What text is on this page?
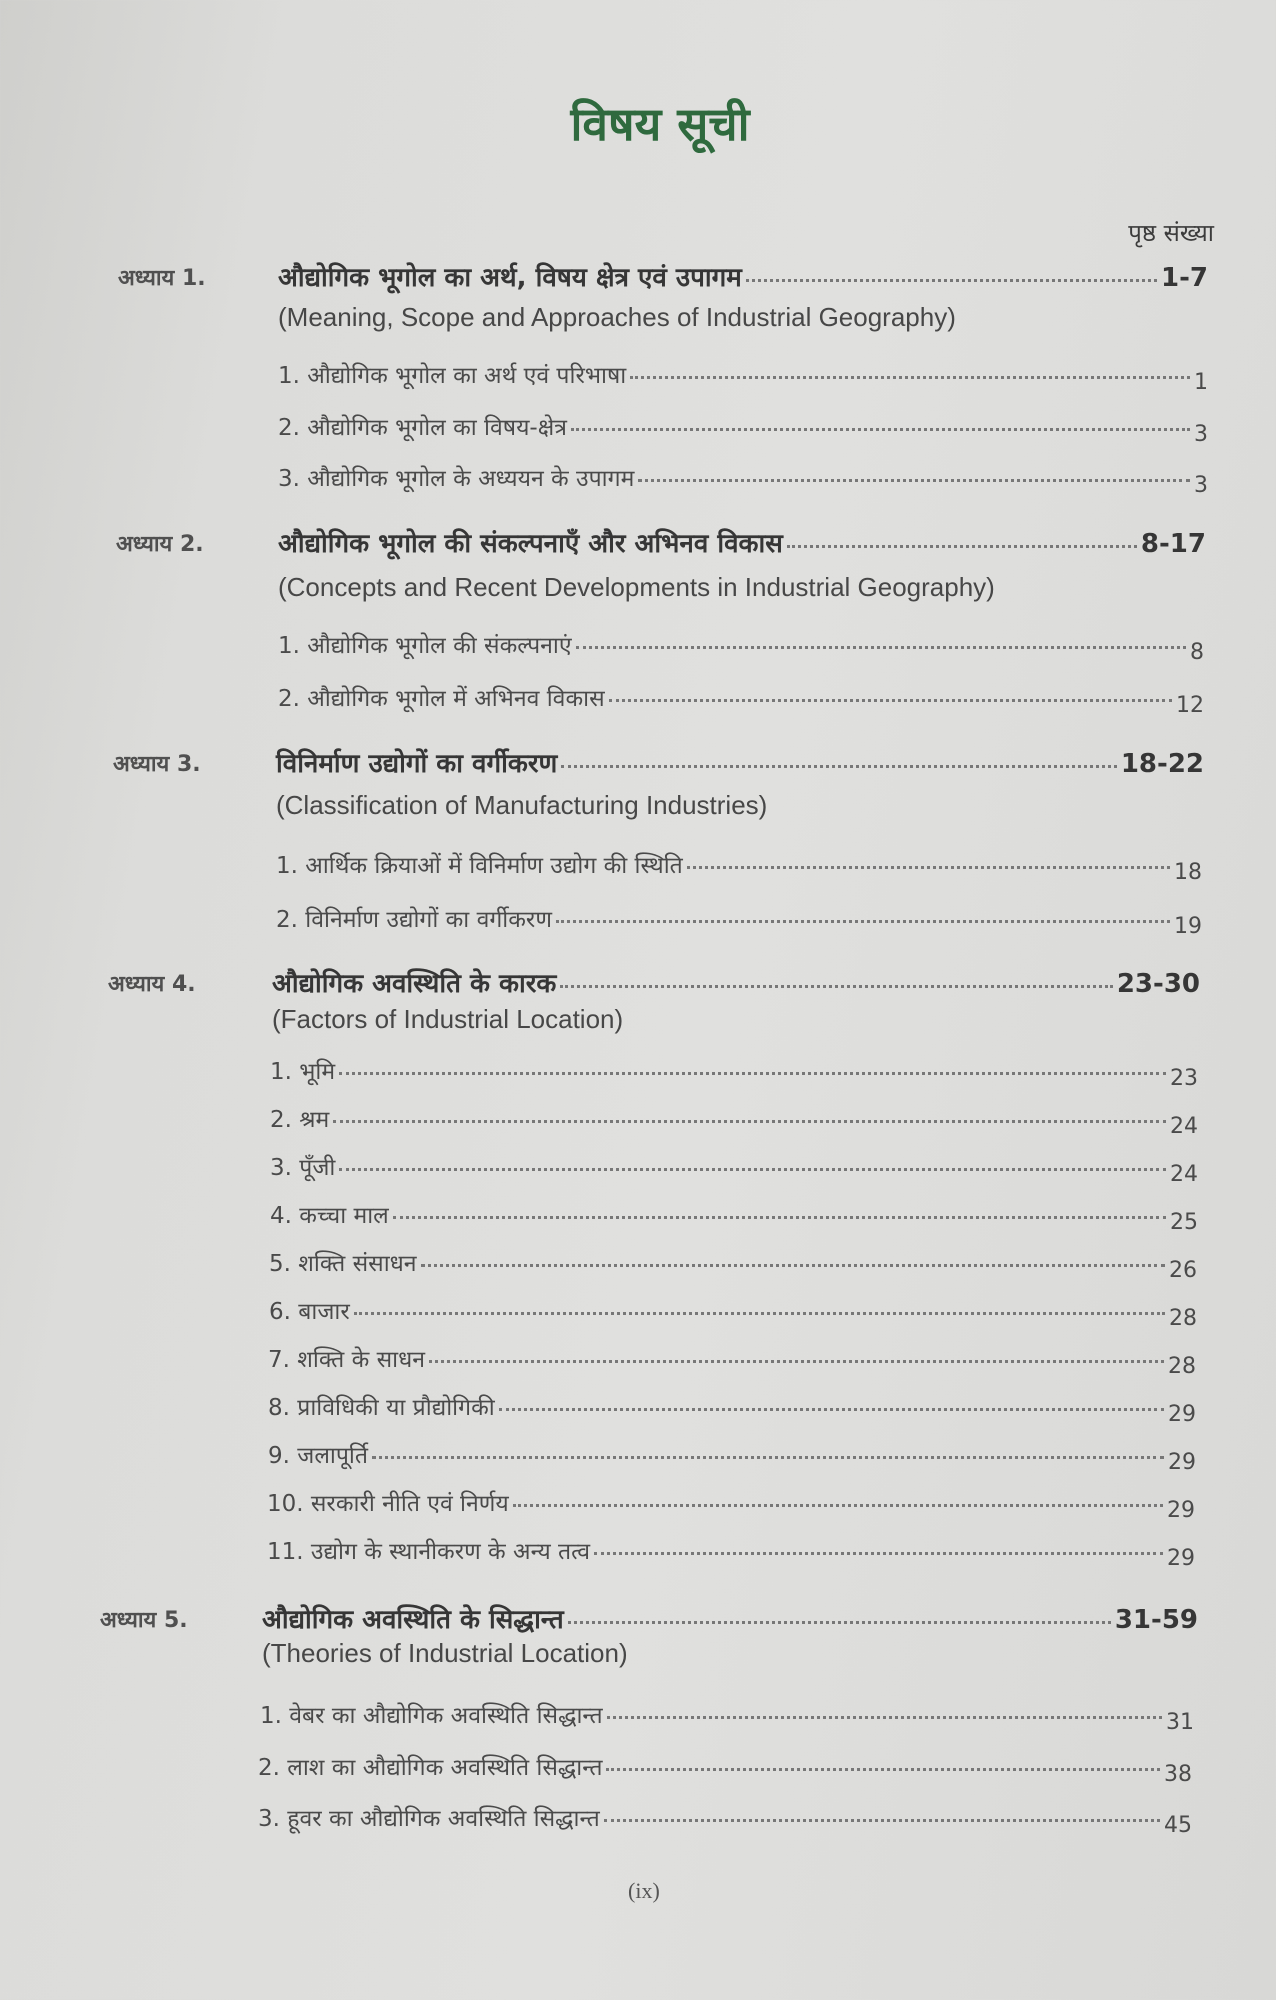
विषय सूची
पृष्ठ संख्या
अध्याय 1.	औद्योगिक भूगोल का अर्थ, विषय क्षेत्र एवं उपागम	1-7
(Meaning, Scope and Approaches of Industrial Geography)
1. औद्योगिक भूगोल का अर्थ एवं परिभाषा	1
2. औद्योगिक भूगोल का विषय-क्षेत्र	3
3. औद्योगिक भूगोल के अध्ययन के उपागम	3
अध्याय 2.	औद्योगिक भूगोल की संकल्पनाएँ और अभिनव विकास	8-17
(Concepts and Recent Developments in Industrial Geography)
1. औद्योगिक भूगोल की संकल्पनाएं	8
2. औद्योगिक भूगोल में अभिनव विकास	12
अध्याय 3.	विनिर्माण उद्योगों का वर्गीकरण	18-22
(Classification of Manufacturing Industries)
1. आर्थिक क्रियाओं में विनिर्माण उद्योग की स्थिति	18
2. विनिर्माण उद्योगों का वर्गीकरण	19
अध्याय 4.	औद्योगिक अवस्थिति के कारक	23-30
(Factors of Industrial Location)
1. भूमि	23
2. श्रम	24
3. पूँजी	24
4. कच्चा माल	25
5. शक्ति संसाधन	26
6. बाजार	28
7. शक्ति के साधन	28
8. प्राविधिकी या प्रौद्योगिकी	29
9. जलापूर्ति	29
10. सरकारी नीति एवं निर्णय	29
11. उद्योग के स्थानीकरण के अन्य तत्व	29
अध्याय 5.	औद्योगिक अवस्थिति के सिद्धान्त	31-59
(Theories of Industrial Location)
1. वेबर का औद्योगिक अवस्थिति सिद्धान्त	31
2. लाश का औद्योगिक अवस्थिति सिद्धान्त	38
3. हूवर का औद्योगिक अवस्थिति सिद्धान्त	45
(ix)
